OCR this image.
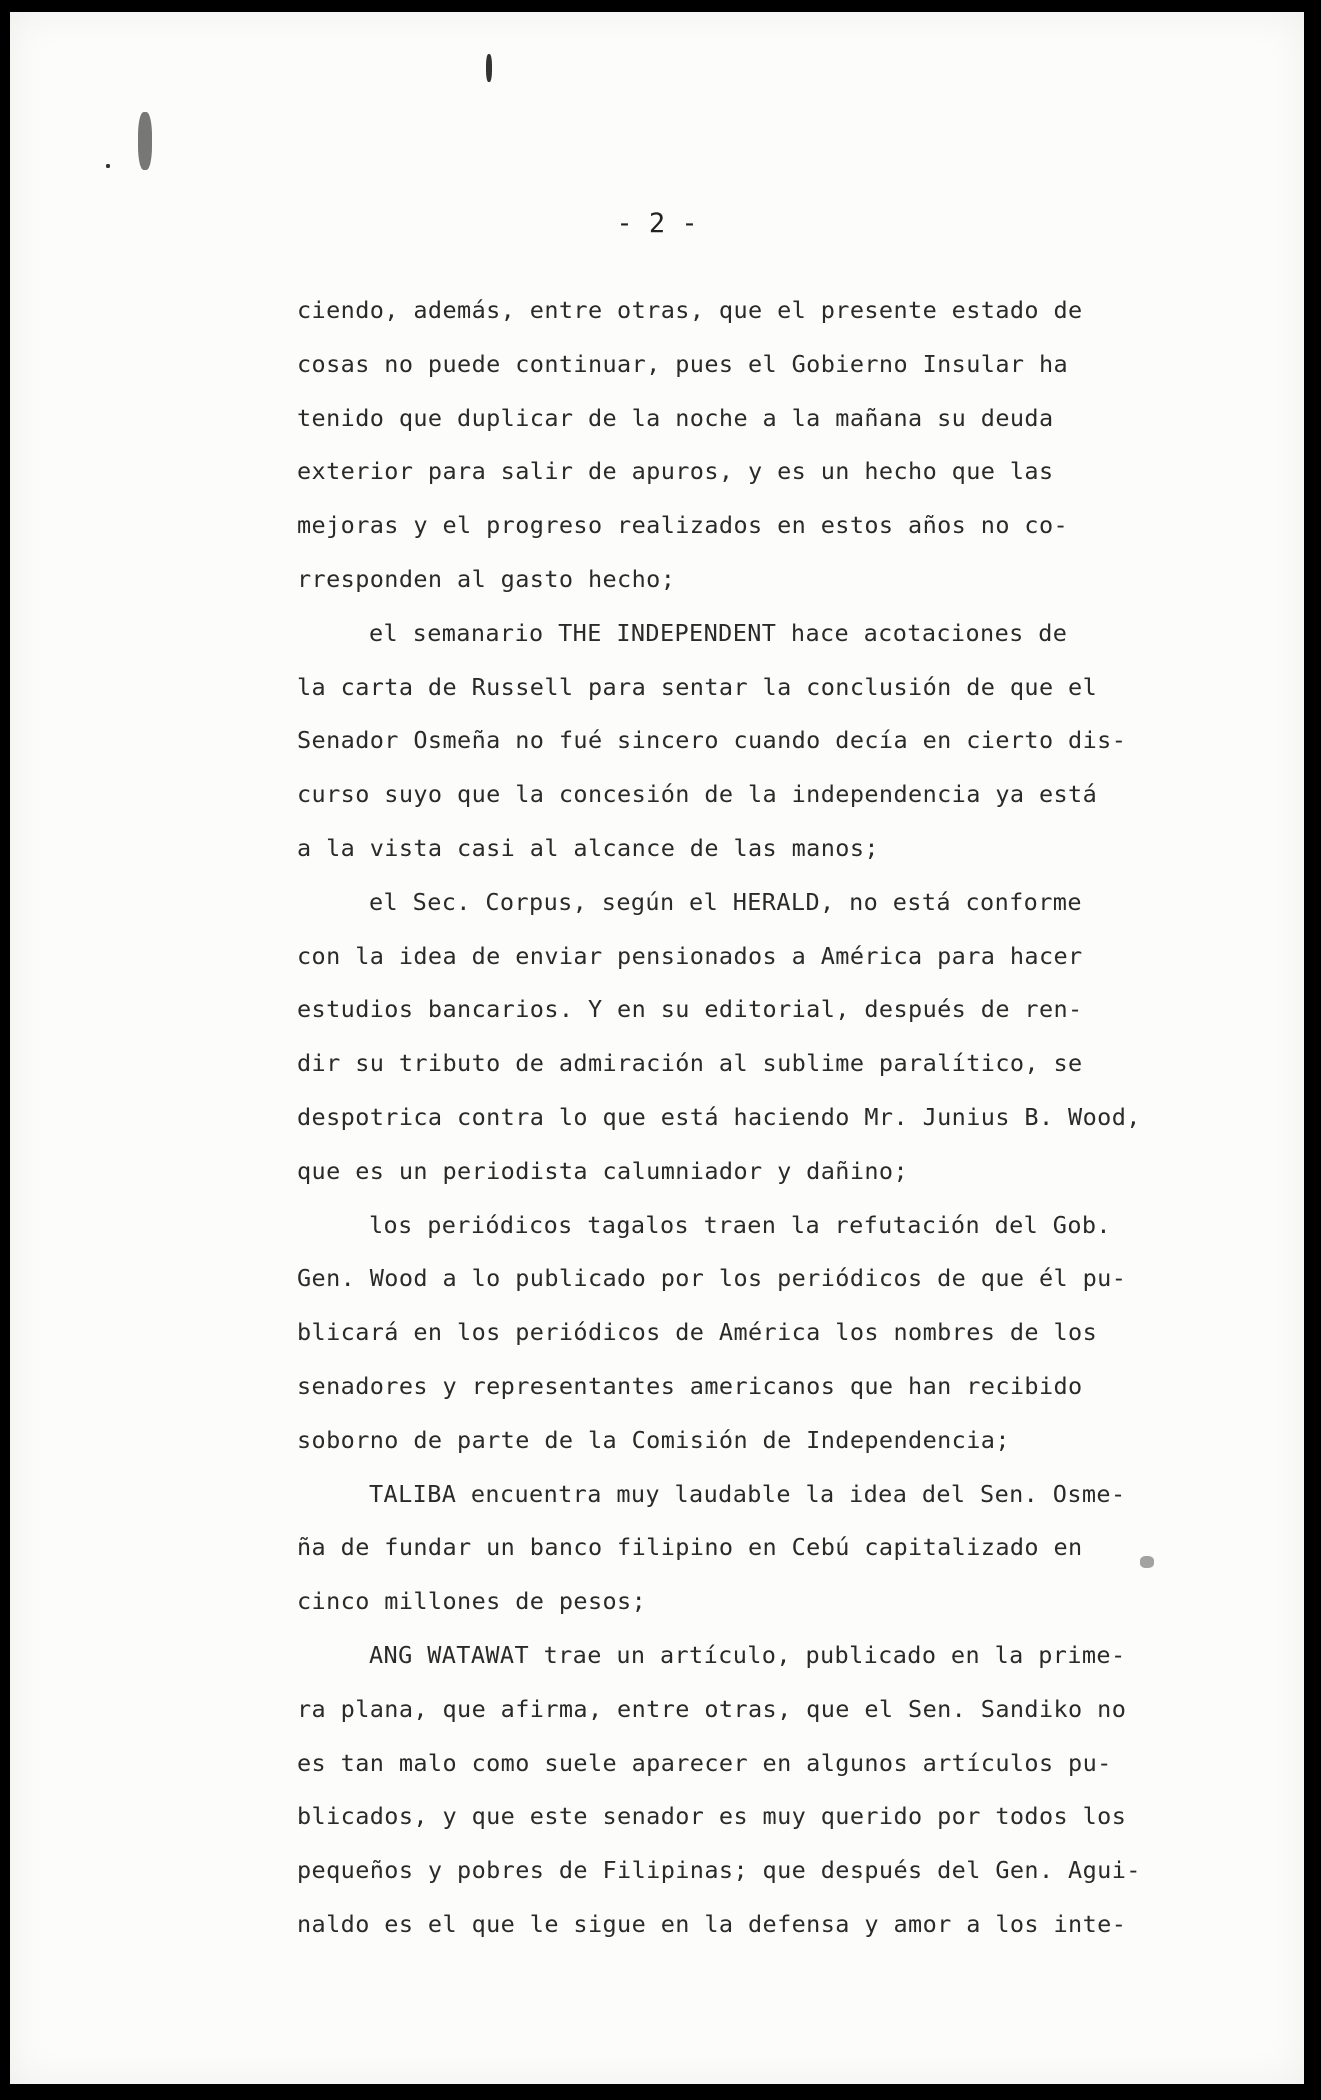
- 2 -
ciendo, además, entre otras, que el presente estado de
cosas no puede continuar, pues el Gobierno Insular ha
tenido que duplicar de la noche a la mañana su deuda
exterior para salir de apuros, y es un hecho que las
mejoras y el progreso realizados en estos años no co-
rresponden al gasto hecho;
el semanario THE INDEPENDENT hace acotaciones de
la carta de Russell para sentar la conclusión de que el
Senador Osmeña no fué sincero cuando decía en cierto dis-
curso suyo que la concesión de la independencia ya está
a la vista casi al alcance de las manos;
el Sec. Corpus, según el HERALD, no está conforme
con la idea de enviar pensionados a América para hacer
estudios bancarios. Y en su editorial, después de ren-
dir su tributo de admiración al sublime paralítico, se
despotrica contra lo que está haciendo Mr. Junius B. Wood,
que es un periodista calumniador y dañino;
los periódicos tagalos traen la refutación del Gob.
Gen. Wood a lo publicado por los periódicos de que él pu-
blicará en los periódicos de América los nombres de los
senadores y representantes americanos que han recibido
soborno de parte de la Comisión de Independencia;
TALIBA encuentra muy laudable la idea del Sen. Osme-
ña de fundar un banco filipino en Cebú capitalizado en
cinco millones de pesos;
ANG WATAWAT trae un artículo, publicado en la prime-
ra plana, que afirma, entre otras, que el Sen. Sandiko no
es tan malo como suele aparecer en algunos artículos pu-
blicados, y que este senador es muy querido por todos los
pequeños y pobres de Filipinas; que después del Gen. Agui-
naldo es el que le sigue en la defensa y amor a los inte-
